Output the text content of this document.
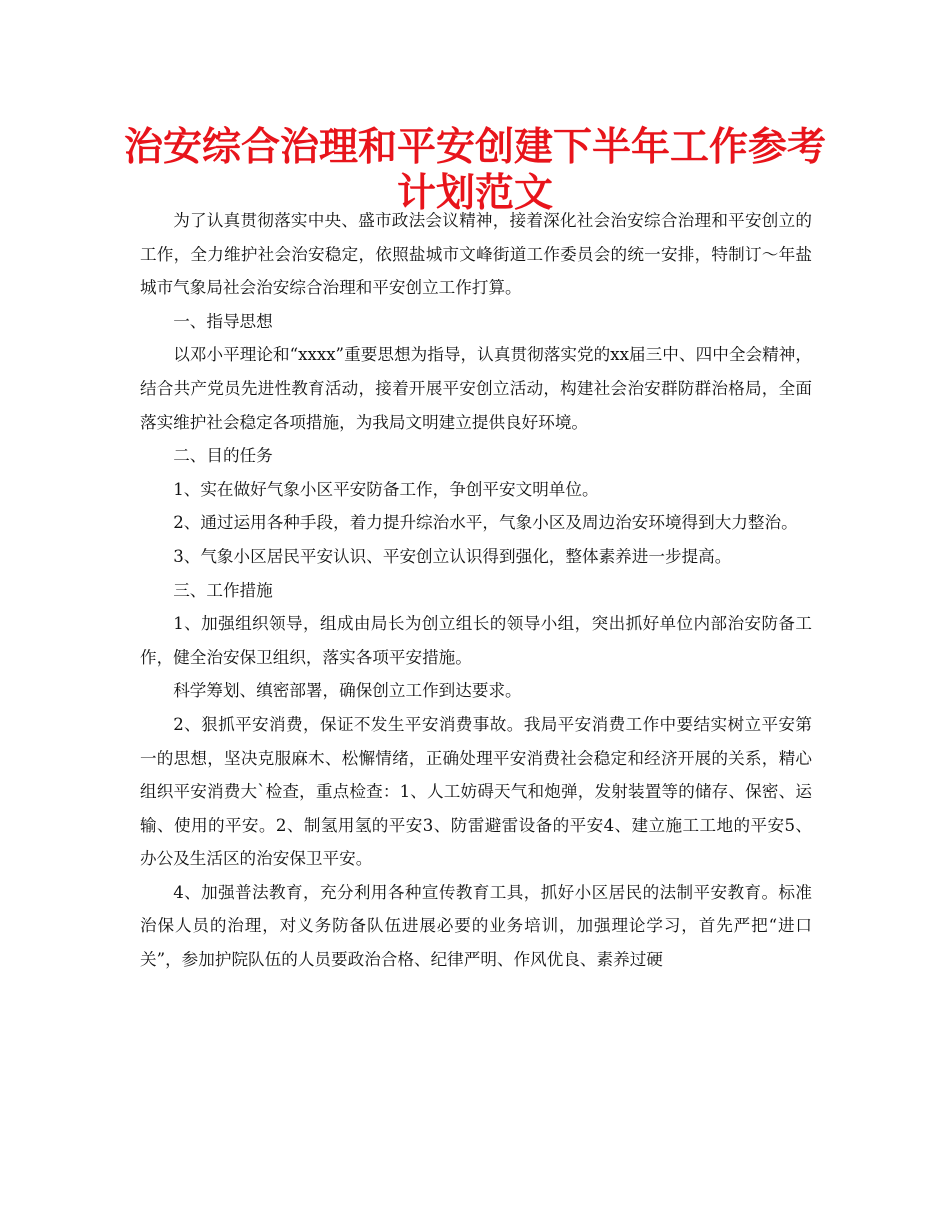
治安综合治理和平安创建下半年工作参考
计划范文

为了认真贯彻落实中央、盛市政法会议精神，接着深化社会治安综合治理和平安创立的工作，全力维护社会治安稳定，依照盐城市文峰街道工作委员会的统一安排，特制订～年盐城市气象局社会治安综合治理和平安创立工作打算。

一、指导思想

以邓小平理论和“xxxx”重要思想为指导，认真贯彻落实党的xx届三中、四中全会精神，结合共产党员先进性教育活动，接着开展平安创立活动，构建社会治安群防群治格局，全面落实维护社会稳定各项措施，为我局文明建立提供良好环境。

二、目的任务

1、实在做好气象小区平安防备工作，争创平安文明单位。

2、通过运用各种手段，着力提升综治水平，气象小区及周边治安环境得到大力整治。

3、气象小区居民平安认识、平安创立认识得到强化，整体素养进一步提高。

三、工作措施

1、加强组织领导，组成由局长为创立组长的领导小组，突出抓好单位内部治安防备工作，健全治安保卫组织，落实各项平安措施。

科学筹划、缜密部署，确保创立工作到达要求。

2、狠抓平安消费，保证不发生平安消费事故。我局平安消费工作中要结实树立平安第一的思想，坚决克服麻木、松懈情绪，正确处理平安消费社会稳定和经济开展的关系，精心组织平安消费大`检查，重点检查：1、人工妨碍天气和炮弹，发射装置等的储存、保密、运输、使用的平安。2、制氢用氢的平安3、防雷避雷设备的平安4、建立施工工地的平安5、办公及生活区的治安保卫平安。

4、加强普法教育，充分利用各种宣传教育工具，抓好小区居民的法制平安教育。标准治保人员的治理，对义务防备队伍进展必要的业务培训，加强理论学习，首先严把“进口关”，参加护院队伍的人员要政治合格、纪律严明、作风优良、素养过硬
